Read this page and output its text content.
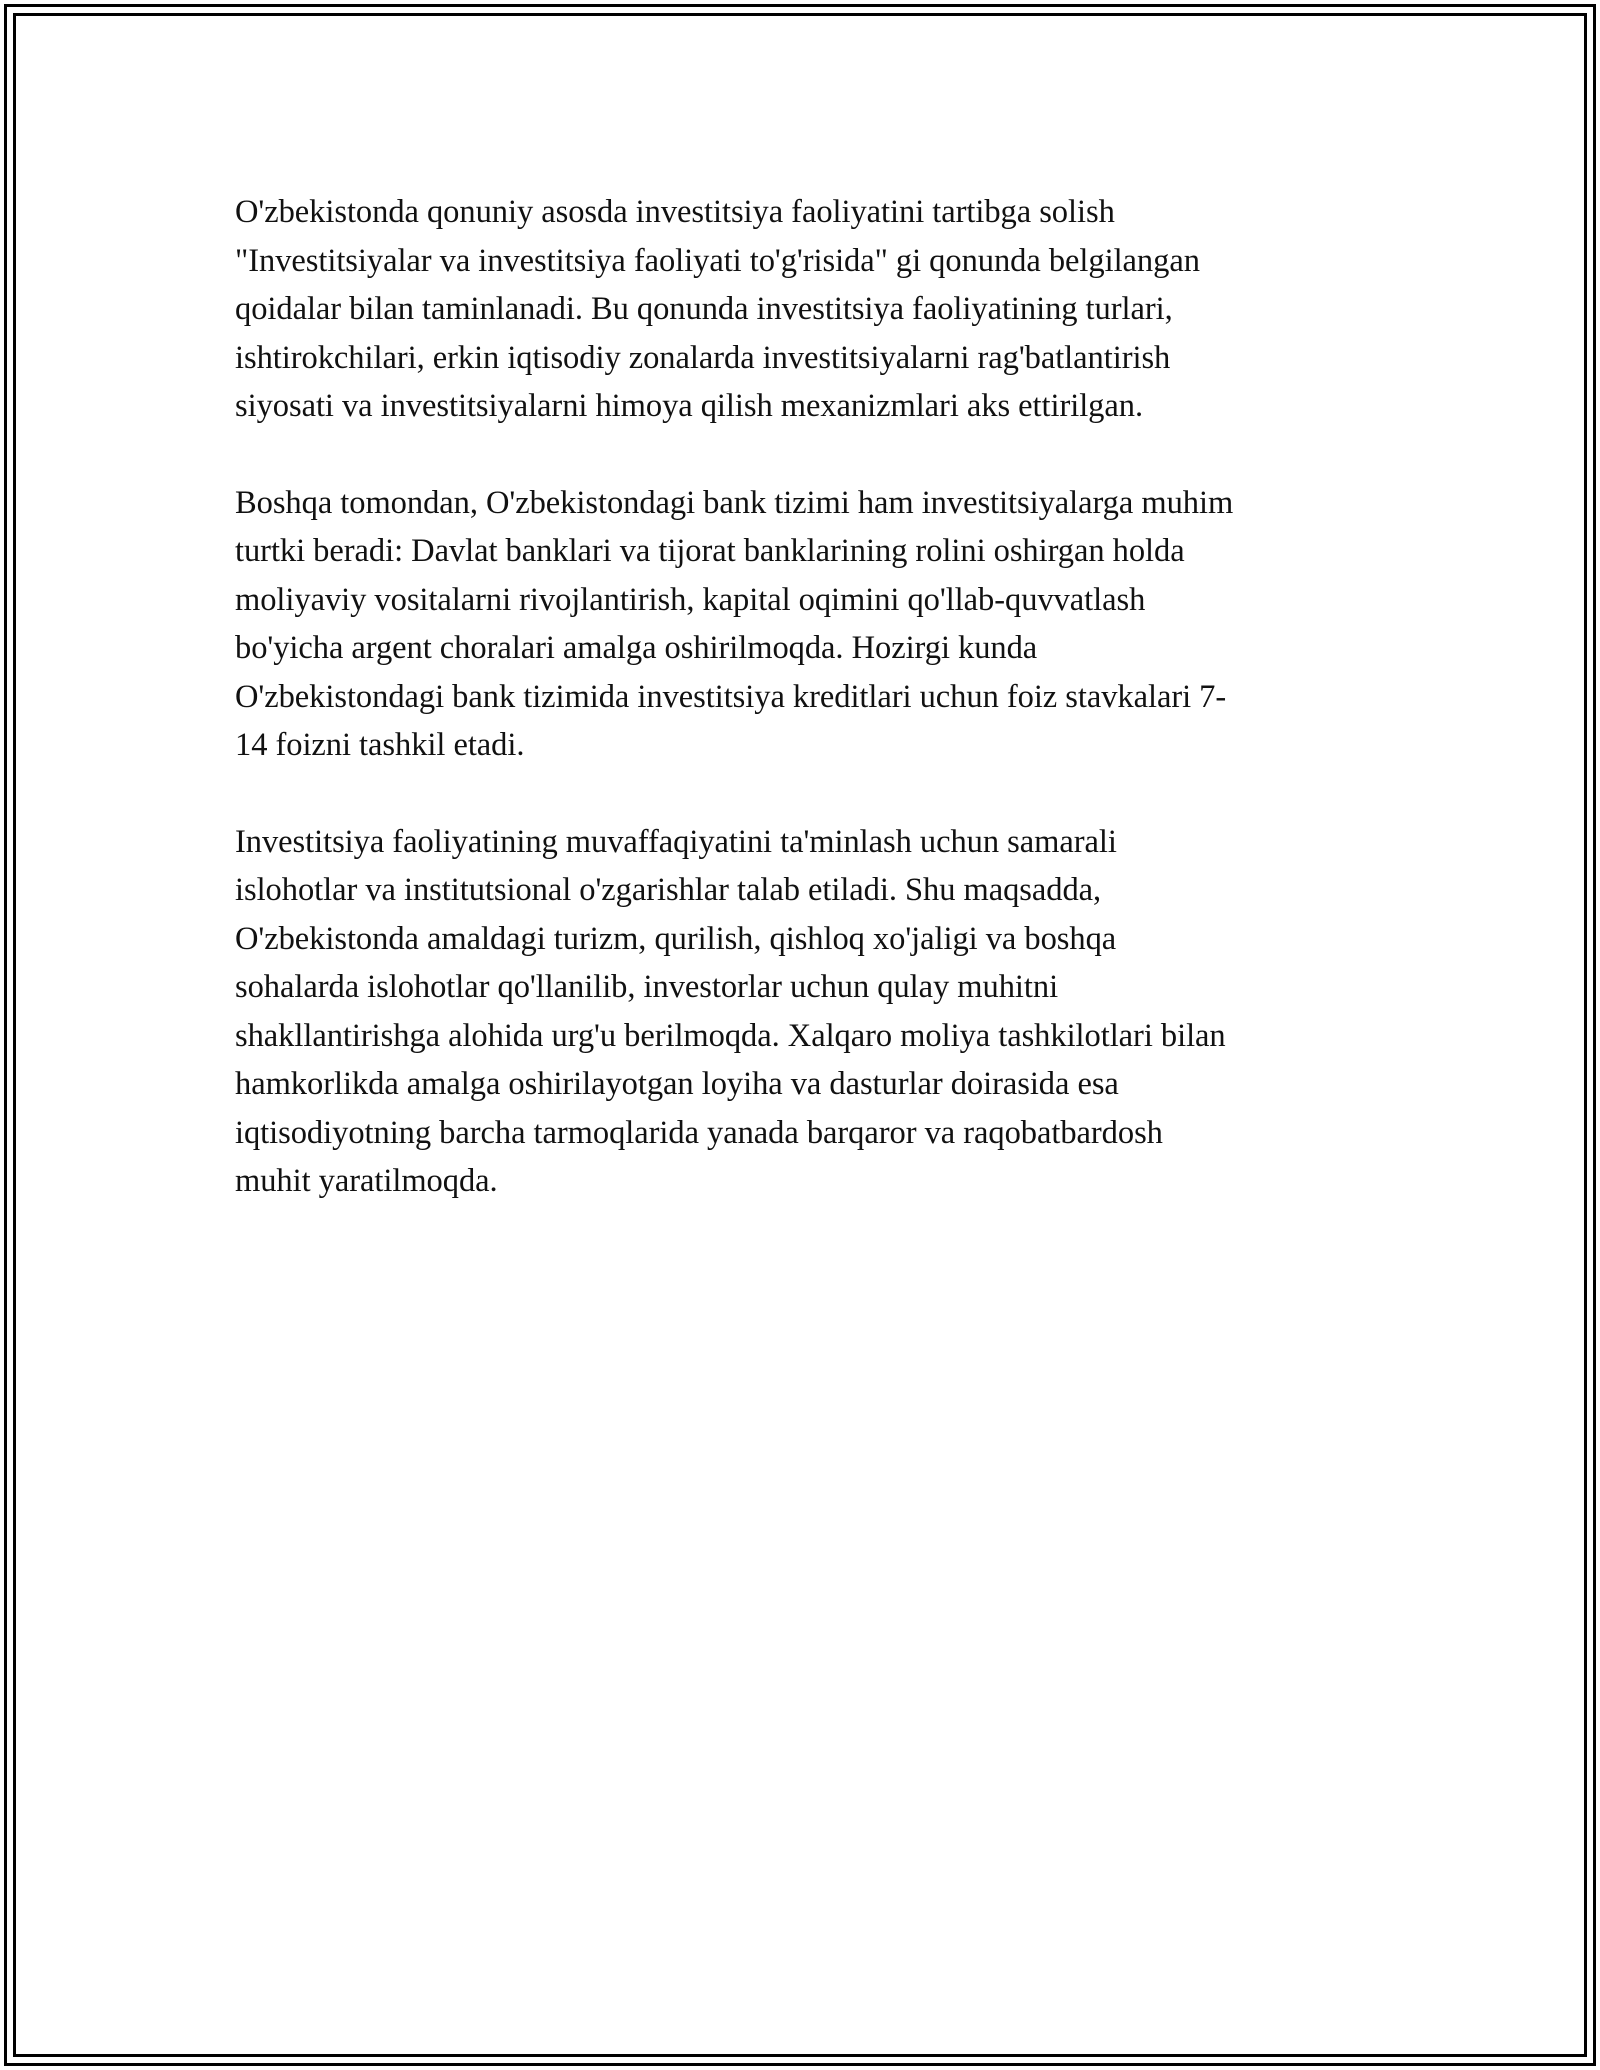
O'zbekistonda qonuniy asosda investitsiya faoliyatini tartibga solish
"Investitsiyalar va investitsiya faoliyati to'g'risida" gi qonunda belgilangan
qoidalar bilan taminlanadi. Bu qonunda investitsiya faoliyatining turlari,
ishtirokchilari, erkin iqtisodiy zonalarda investitsiyalarni rag'batlantirish
siyosati va investitsiyalarni himoya qilish mexanizmlari aks ettirilgan.

Boshqa tomondan, O'zbekistondagi bank tizimi ham investitsiyalarga muhim
turtki beradi: Davlat banklari va tijorat banklarining rolini oshirgan holda
moliyaviy vositalarni rivojlantirish, kapital oqimini qo'llab-quvvatlash
bo'yicha argent choralari amalga oshirilmoqda. Hozirgi kunda
O'zbekistondagi bank tizimida investitsiya kreditlari uchun foiz stavkalari 7-
14 foizni tashkil etadi.

Investitsiya faoliyatining muvaffaqiyatini ta'minlash uchun samarali
islohotlar va institutsional o'zgarishlar talab etiladi. Shu maqsadda,
O'zbekistonda amaldagi turizm, qurilish, qishloq xo'jaligi va boshqa
sohalarda islohotlar qo'llanilib, investorlar uchun qulay muhitni
shakllantirishga alohida urg'u berilmoqda. Xalqaro moliya tashkilotlari bilan
hamkorlikda amalga oshirilayotgan loyiha va dasturlar doirasida esa
iqtisodiyotning barcha tarmoqlarida yanada barqaror va raqobatbardosh
muhit yaratilmoqda.
